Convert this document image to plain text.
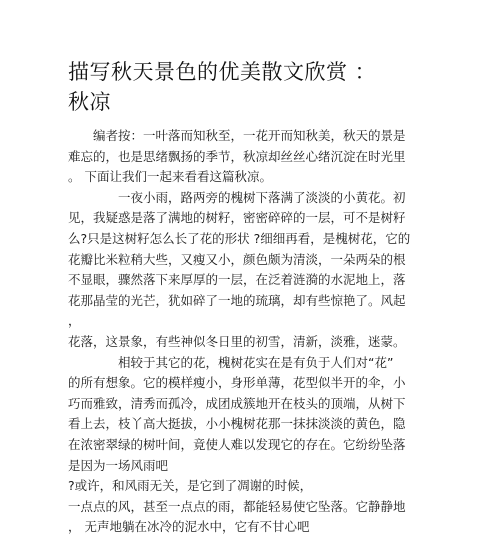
描写秋天景色的优美散文欣赏 ：
秋凉
　　编者按：一叶落而知秋至，一花开而知秋美，秋天的景是
难忘的，也是思绪飘扬的季节，秋凉却丝丝心绪沉淀在时光里
。 下面让我们一起来看看这篇秋凉。
　　　　一夜小雨，路两旁的槐树下落满了淡淡的小黄花。初
见，我疑惑是落了满地的树籽，密密碎碎的一层，可不是树籽
么?只是这树籽怎么长了花的形状 ?细细再看，是槐树花，它的
花瓣比米粒稍大些，又瘦又小，颜色颇为清淡，一朵两朵的根
不显眼，骤然落下来厚厚的一层，在泛着涟漪的水泥地上，落
花那晶莹的光芒，犹如碎了一地的琉璃，却有些惊艳了。风起
，
花落，这景象，有些神似冬日里的初雪，清新，淡雅，迷蒙。
　　　　相较于其它的花，槐树花实在是有负于人们对“花”
的所有想象。它的模样瘦小，身形单薄，花型似半开的伞，小
巧而雅致，清秀而孤冷，成团成簇地开在枝头的顶端，从树下
看上去，枝丫高大挺拔，小小槐树花那一抹抹淡淡的黄色，隐
在浓密翠绿的树叶间，竟使人难以发现它的存在。它纷纷坠落
是因为一场风雨吧
?或许，和风雨无关，是它到了凋谢的时候，
一点点的风，甚至一点点的雨，都能轻易使它坠落。它静静地
， 无声地躺在冰冷的泥水中，它有不甘心吧
